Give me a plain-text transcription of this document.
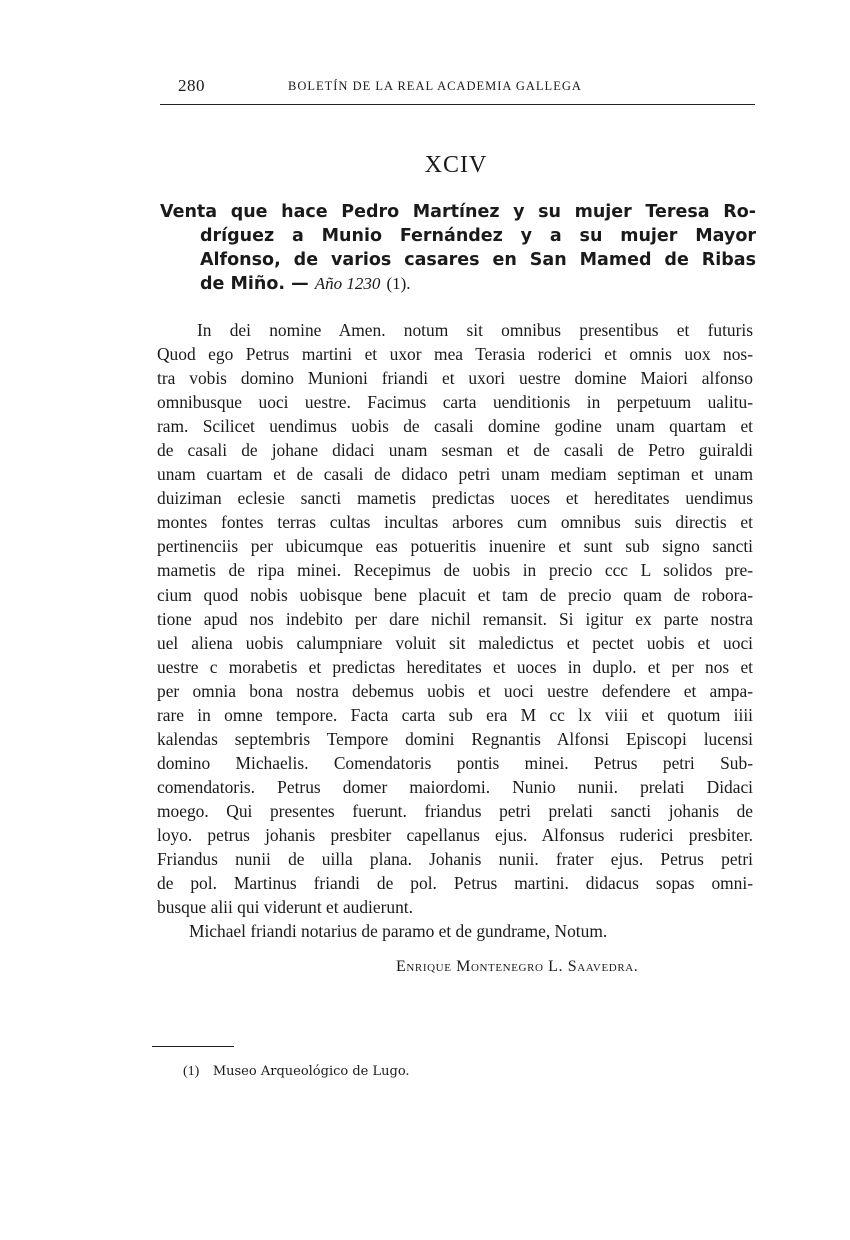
280	BOLETÍN DE LA REAL ACADEMIA GALLEGA
XCIV
Venta que hace Pedro Martínez y su mujer Teresa Ro-
dríguez a Munio Fernández y a su mujer Mayor
Alfonso, de varios casares en San Mamed de Ribas
de Miño. — Año 1230 (1).
In dei nomine Amen. notum sit omnibus presentibus et futuris
Quod ego Petrus martini et uxor mea Terasia roderici et omnis uox nos-
tra vobis domino Munioni friandi et uxori uestre domine Maiori alfonso
omnibusque uoci uestre. Facimus carta uenditionis in perpetuum ualitu-
ram. Scilicet uendimus uobis de casali domine godine unam quartam et
de casali de johane didaci unam sesman et de casali de Petro guiraldi
unam cuartam et de casali de didaco petri unam mediam septiman et unam
duiziman eclesie sancti mametis predictas uoces et hereditates uendimus
montes fontes terras cultas incultas arbores cum omnibus suis directis et
pertinenciis per ubicumque eas potueritis inuenire et sunt sub signo sancti
mametis de ripa minei. Recepimus de uobis in precio ccc L solidos pre-
cium quod nobis uobisque bene placuit et tam de precio quam de robora-
tione apud nos indebito per dare nichil remansit. Si igitur ex parte nostra
uel aliena uobis calumpniare voluit sit maledictus et pectet uobis et uoci
uestre c morabetis et predictas hereditates et uoces in duplo. et per nos et
per omnia bona nostra debemus uobis et uoci uestre defendere et ampa-
rare in omne tempore. Facta carta sub era M cc lx viii et quotum iiii
kalendas septembris Tempore domini Regnantis Alfonsi Episcopi lucensi
domino Michaelis. Comendatoris pontis minei. Petrus petri Sub-
comendatoris. Petrus domer maiordomi. Nunio nunii. prelati Didaci
moego. Qui presentes fuerunt. friandus petri prelati sancti johanis de
loyo. petrus johanis presbiter capellanus ejus. Alfonsus ruderici presbiter.
Friandus nunii de uilla plana. Johanis nunii. frater ejus. Petrus petri
de pol. Martinus friandi de pol. Petrus martini. didacus sopas omni-
busque alii qui viderunt et audierunt.
Michael friandi notarius de paramo et de gundrame, Notum.
Enrique Montenegro L. Saavedra.
(1) Museo Arqueológico de Lugo.
